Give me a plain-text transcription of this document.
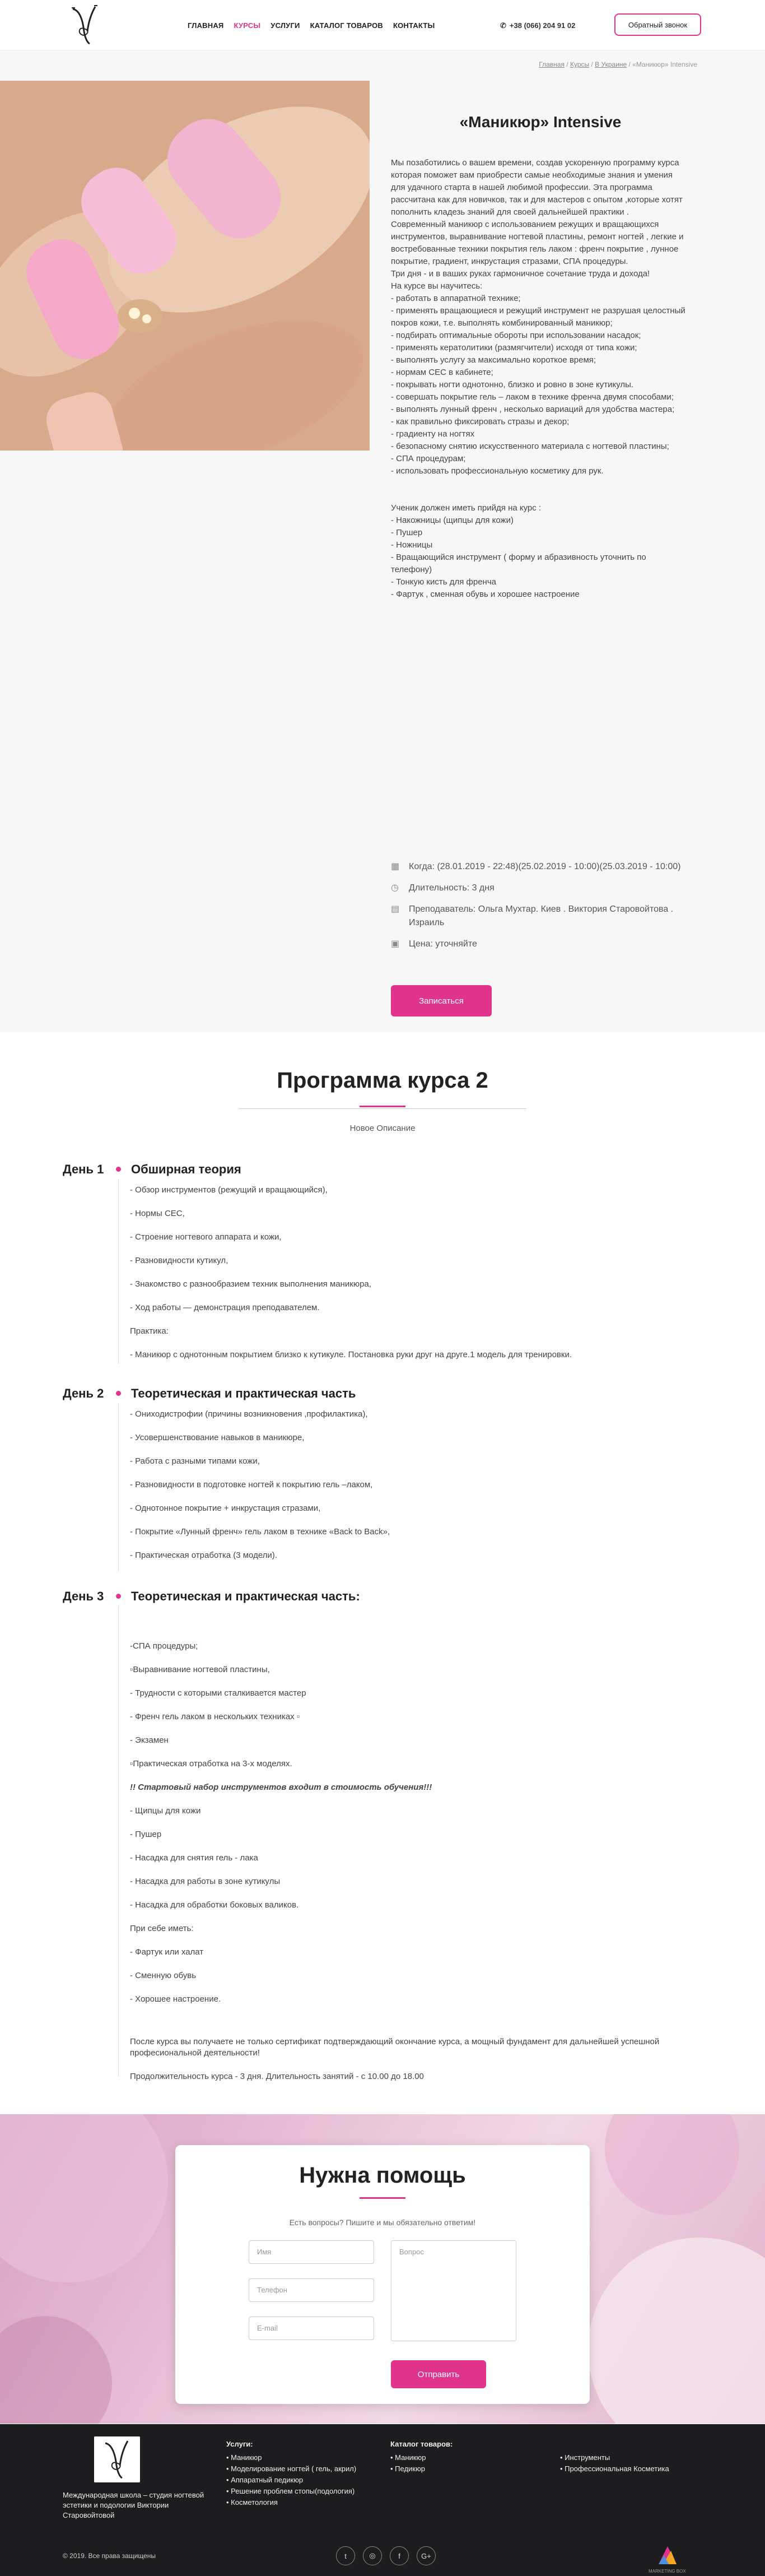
ГЛАВНАЯ КУРСЫ УСЛУГИ КАТАЛОГ ТОВАРОВ КОНТАКТЫ	✆ +38 (066) 204 91 02	Обратный звонок
Главная / Курсы / В Украине / «Маникюр» Intensive
«Маникюр» Intensive
Мы позаботились о вашем времени, создав ускоренную программу курса которая поможет вам приобрести самые необходимые знания и умения для удачного старта в нашей любимой профессии. Эта программа рассчитана как для новичков, так и для мастеров с опытом ,которые хотят пополнить кладезь знаний для своей дальнейшей практики .
Современный маникюр с использованием режущих и вращающихся инструментов, выравнивание ногтевой пластины, ремонт ногтей , легкие и востребованные техники покрытия гель лаком : френч покрытие , лунное покрытие, градиент, инкрустация стразами, СПА процедуры.
Три дня - и в ваших руках гармоничное сочетание труда и дохода!
На курсе вы научитесь:
- работать в аппаратной технике;
- применять вращающиеся и режущий инструмент не разрушая целостный покров кожи, т.е. выполнять комбинированный маникюр;
- подбирать оптимальные обороты при использовании насадок;
- применять кератолитики (размягчители) исходя от типа кожи;
- выполнять услугу за максимально короткое время;
- нормам СЕС в кабинете;
- покрывать ногти однотонно, близко и ровно в зоне кутикулы.
- совершать покрытие гель – лаком в технике френча двумя способами;
- выполнять лунный френч , несколько вариаций для удобства мастера;
- как правильно фиксировать стразы и декор;
- градиенту на ногтях
- безопасному снятию искусственного материала с ногтевой пластины;
- СПА процедурам;
- использовать профессиональную косметику для рук.

Ученик должен иметь прийдя на курс :
- Накожницы (щипцы для кожи)
- Пушер
- Ножницы
- Вращающийся инструмент ( форму и абразивность уточнить по телефону)
- Тонкую кисть для френча
- Фартук , сменная обувь и хорошее настроение
▦	Когда: (28.01.2019 - 22:48)(25.02.2019 - 10:00)(25.03.2019 - 10:00)
◷	Длительность: 3 дня
▤	Преподаватель: Ольга Мухтар. Киев . Виктория Старовойтова . Израиль
▣	Цена: уточняйте
Записаться
Программа курса 2
Новое Описание
День 1 Обширная теория
- Обзор инструментов (режущий и вращающийся),
- Нормы СЕС,
- Строение ногтевого аппарата и кожи,
- Разновидности кутикул,
- Знакомство с разнообразием техник выполнения маникюра,
- Ход работы — демонстрация преподавателем.
Практика:
- Маникюр с однотонным покрытием близко к кутикуле. Постановка руки друг на друге.1 модель для тренировки.
День 2 Теоретическая и практическая часть
- Ониходистрофии (причины возникновения ,профилактика),
- Усовершенствование навыков в маникюре,
- Работа с разными типами кожи,
- Разновидности в подготовке ногтей к покрытию гель –лаком,
- Однотонное покрытие + инкрустация стразами,
- Покрытие «Лунный френч» гель лаком в технике «Back to Back»,
- Практическая отработка (3 модели).
День 3 Теоретическая и практическая часть:
-СПА процедуры;
▫Выравнивание ногтевой пластины,
- Трудности с которыми сталкивается мастер
- Френч гель лаком в нескольких техниках ▫
- Экзамен
▫Практическая отработка на 3-х моделях.
!! Стартовый набор инструментов входит в стоимость обучения!!!
- Щипцы для кожи
- Пушер
- Насадка для снятия гель - лака
- Насадка для работы в зоне кутикулы
- Насадка для обработки боковых валиков.
При себе иметь:
- Фартук или халат
- Сменную обувь
- Хорошее настроение.
После курса вы получаете не только сертификат подтверждающий окончание курса, а мощный фундамент для дальнейшей успешной професиональной деятельности!
Продолжительность курса - 3 дня. Длительность занятий - с 10.00 до 18.00
Нужна помощь
Есть вопросы? Пишите и мы обязательно ответим!
Имя
Телефон
E-mail
Вопрос
Отправить
Международная школа – студия ногтевой эстетики и подологии Виктории Старовойтовой
Услуги:
• Маникюр
• Моделирование ногтей ( гель, акрил)
• Аппаратный педикюр
• Решение проблем стопы(подология)
• Косметология
Каталог товаров:
• Маникюр
• Педикюр
• Инструменты
• Профессиональная Косметика
© 2019. Все права защищены	t	◎	f	G+
MARKETING BOX
